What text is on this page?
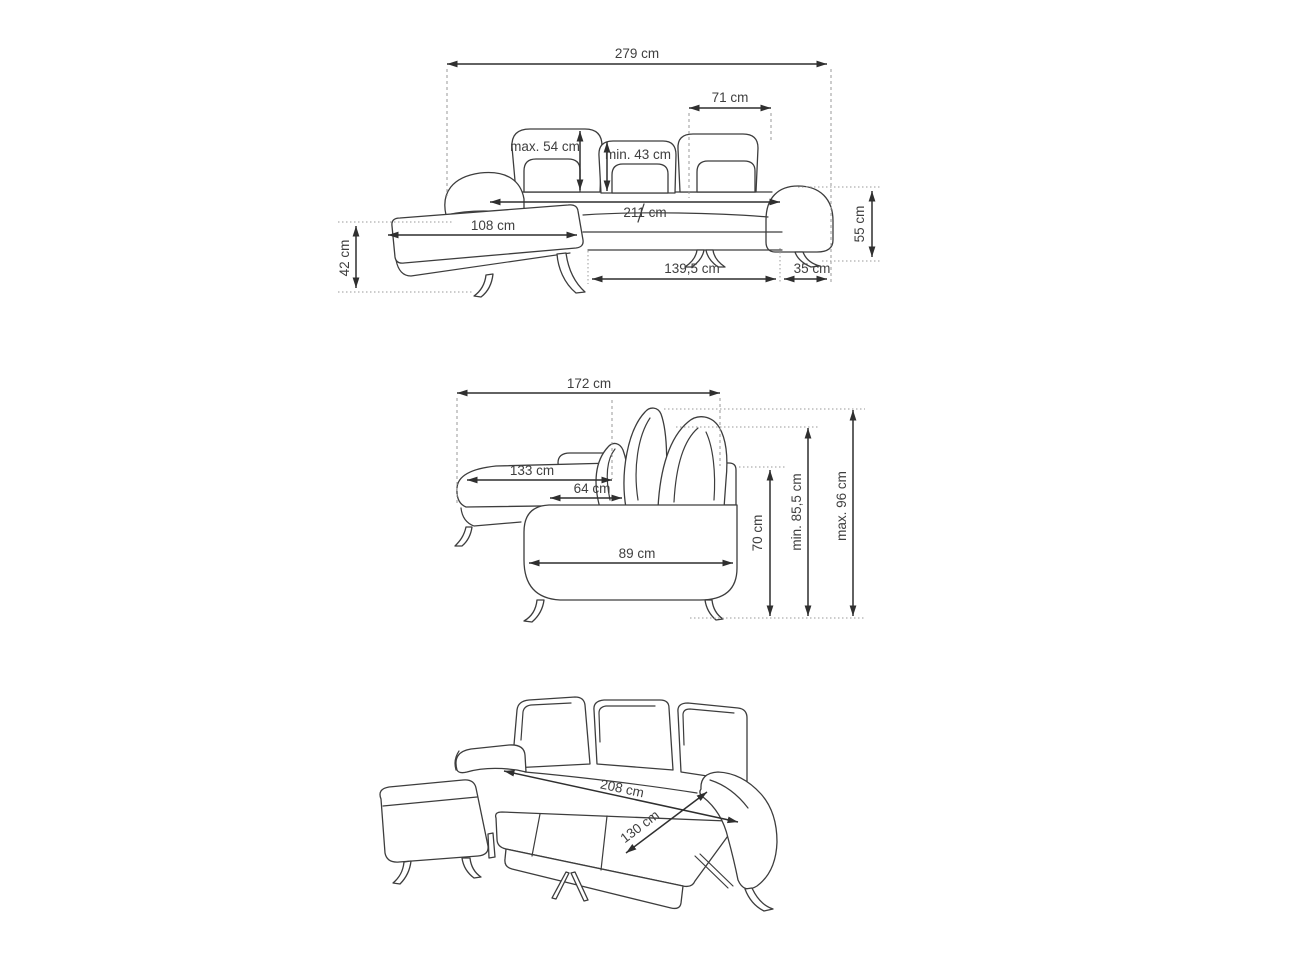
279 cm
71 cm
max. 54 cm
min. 43 cm
211 cm
108 cm
42 cm	139,5 cm	35 cm
55 cm
172 cm
133 cm
64 cm
89 cm
70 cm min. 85,5 cm max. 96 cm
208 cm
130 cm
